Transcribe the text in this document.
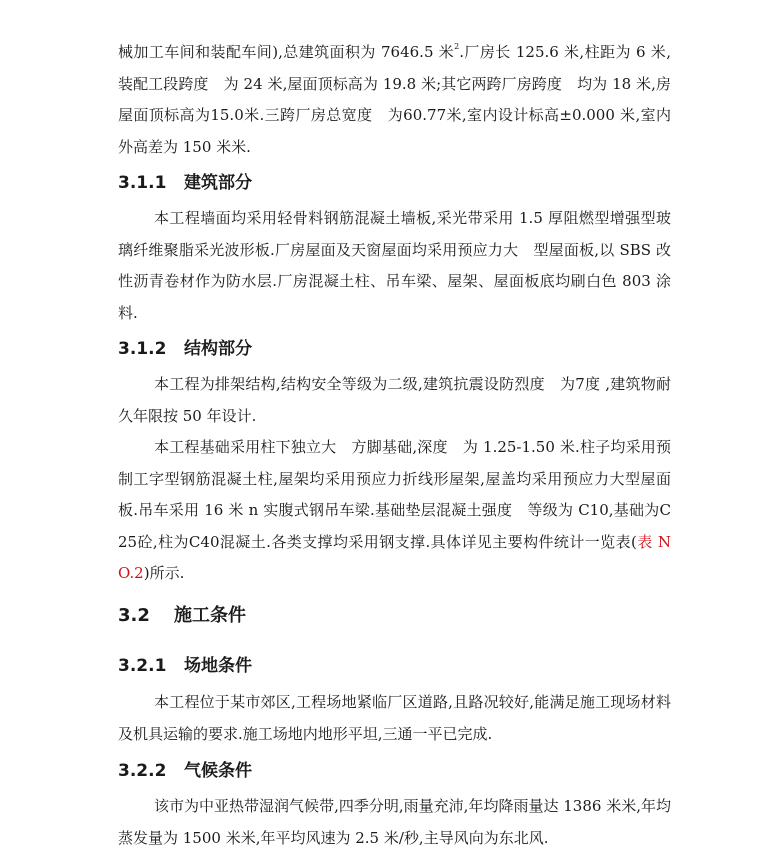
械加工车间和装配车间),总建筑面积为 7646.5 米$^2$.厂房长 125.6 米,柱距为 6 米,装配工段跨度　为 24 米,屋面顶标高为 19.8 米;其它两跨厂房跨度　均为 18 米,房屋面顶标高为15.0米.三跨厂房总宽度　为60.77米,室内设计标高±0.000 米,室内外高差为 150 米米.

3.1.1 建筑部分

本工程墙面均采用轻骨料钢筋混凝土墙板,采光带采用 1.5 厚阻燃型增强型玻璃纤维聚脂采光波形板.厂房屋面及天窗屋面均采用预应力大　型屋面板,以 SBS 改性沥青卷材作为防水层.厂房混凝土柱、吊车梁、屋架、屋面板底均刷白色 803 涂料.

3.1.2 结构部分

本工程为排架结构,结构安全等级为二级,建筑抗震设防烈度　为7度 ,建筑物耐久年限按 50 年设计.

本工程基础采用柱下独立大　方脚基础,深度　为 1.25-1.50 米.柱子均采用预制工字型钢筋混凝土柱,屋架均采用预应力折线形屋架,屋盖均采用预应力大型屋面板.吊车采用 16 米 n 实腹式钢吊车梁.基础垫层混凝土强度　等级为 C10,基础为C25砼,柱为C40混凝土.各类支撑均采用钢支撑.具体详见主要构件统计一览表(表 NO.2)所示.

3.2 施工条件
3.2.1 场地条件

本工程位于某市郊区,工程场地紧临厂区道路,且路况较好,能满足施工现场材料及机具运输的要求.施工场地内地形平坦,三通一平已完成.

3.2.2 气候条件

该市为中亚热带湿润气候带,四季分明,雨量充沛,年均降雨量达 1386 米米,年均蒸发量为 1500 米米,年平均风速为 2.5 米/秒,主导风向为东北风.
